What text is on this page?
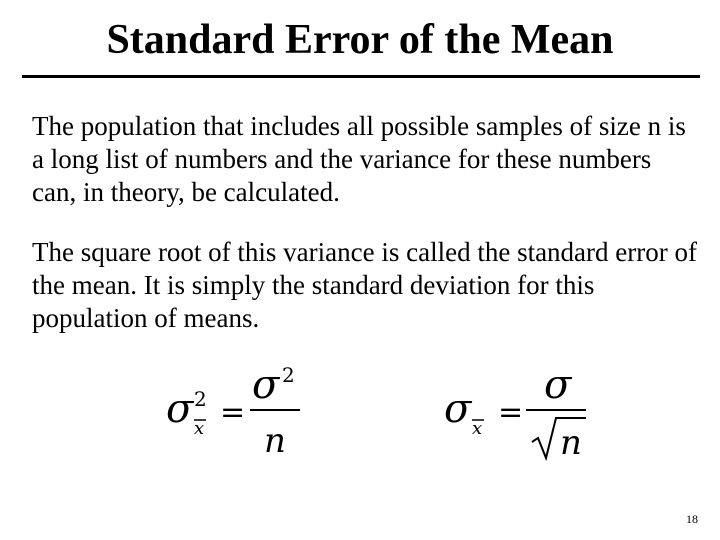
Standard Error of the Mean

The population that includes all possible samples of size n is a long list of numbers and the variance for these numbers can, in theory, be calculated.

The square root of this variance is called the standard error of the mean. It is simply the standard deviation for this population of means.

σ 2
x =
σ 2
n
σ x =
σ
n
18
